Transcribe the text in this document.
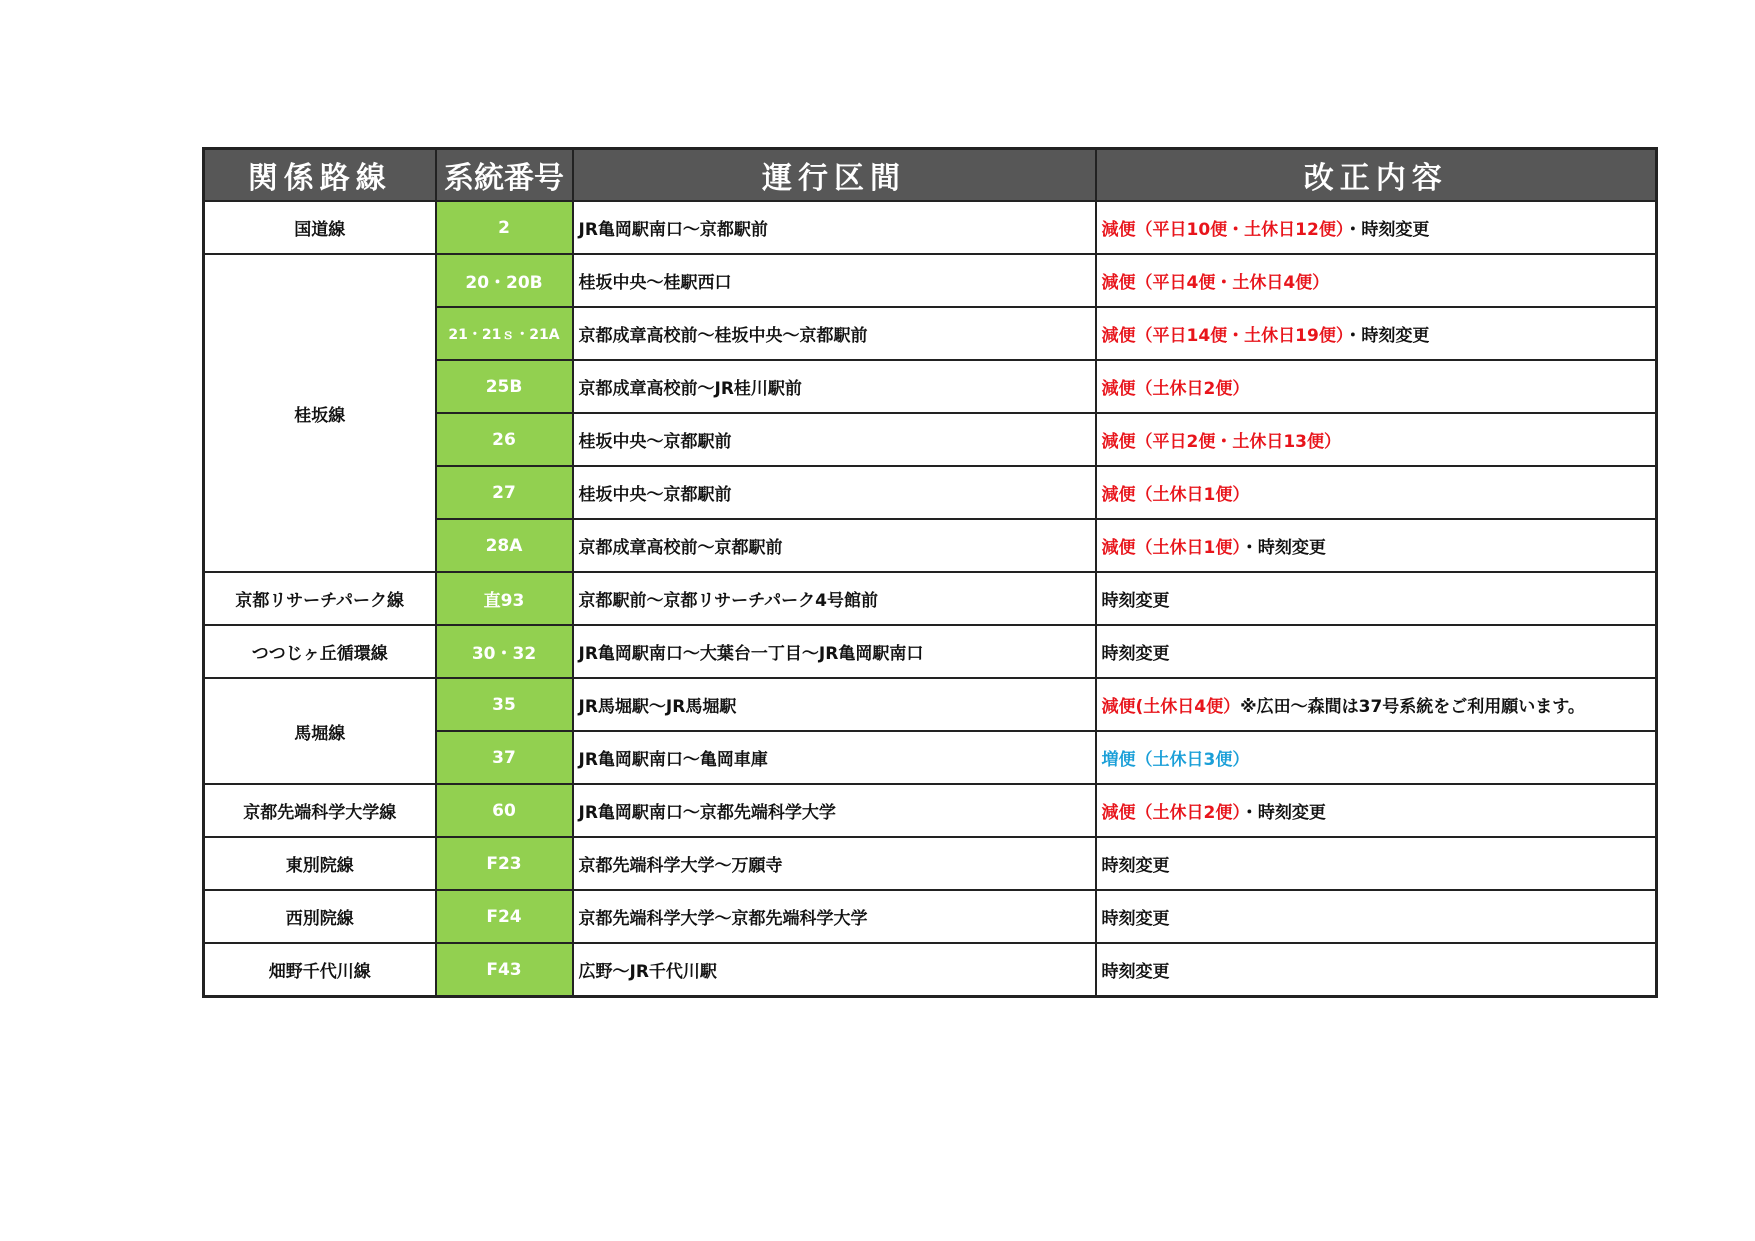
関係路線	系統番号	運行区間	改正内容
国道線	2	JR亀岡駅南口～京都駅前	減便（平日10便・土休日12便）・時刻変更
桂坂線	20・20B	桂坂中央～桂駅西口	減便（平日4便・土休日4便）
	21・21ｓ・21A	京都成章高校前～桂坂中央～京都駅前	減便（平日14便・土休日19便）・時刻変更
	25B	京都成章高校前～JR桂川駅前	減便（土休日2便）
	26	桂坂中央～京都駅前	減便（平日2便・土休日13便）
	27	桂坂中央～京都駅前	減便（土休日1便）
	28A	京都成章高校前～京都駅前	減便（土休日1便）・時刻変更
京都リサーチパーク線	直93	京都駅前～京都リサーチパーク4号館前	時刻変更
つつじヶ丘循環線	30・32	JR亀岡駅南口～大葉台一丁目～JR亀岡駅南口	時刻変更
馬堀線	35	JR馬堀駅～JR馬堀駅	減便(土休日4便）※広田～森間は37号系統をご利用願います。
	37	JR亀岡駅南口～亀岡車庫	増便（土休日3便）
京都先端科学大学線	60	JR亀岡駅南口～京都先端科学大学	減便（土休日2便）・時刻変更
東別院線	F23	京都先端科学大学～万願寺	時刻変更
西別院線	F24	京都先端科学大学～京都先端科学大学	時刻変更
畑野千代川線	F43	広野～JR千代川駅	時刻変更
